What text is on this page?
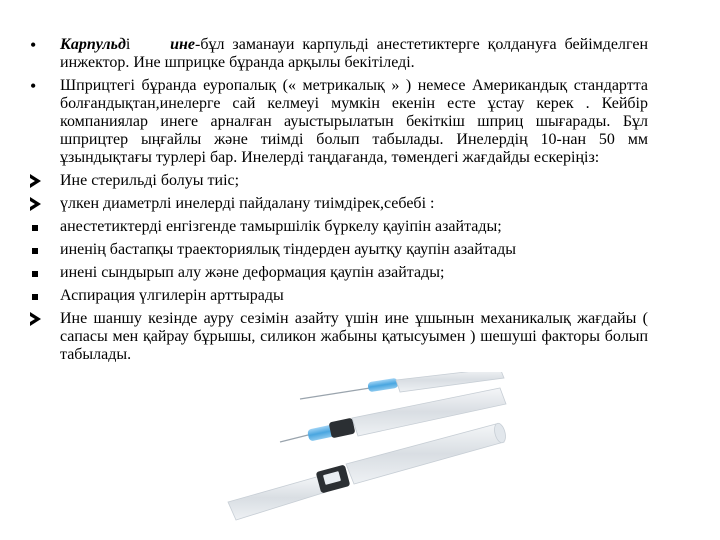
•	Карпульді ине-бұл заманауи карпульді анестетиктерге қолдануға бейімделген инжектор. Ине шприцке бұранда арқылы бекітіледі.
•	Шприцтегі бұранда еуропалық (« метрикалық » ) немесе Американдық стандартта болғандықтан,инелерге сай келмеуі мумкін екенін есте ұстау керек . Кейбір компаниялар инеге арналған ауыстырылатын бекіткіш шприц шығарады. Бұл шприцтер ыңғайлы және тиімді болып табылады. Инелердің 10-нан 50 мм ұзындықтағы турлері бар. Инелерді таңдағанда, төмендегі жағдайды ескеріңіз:
Ине стерильді болуы тиіс;
үлкен диаметрлі инелерді пайдалану тиімдірек,себебі :
анестетиктерді енгізгенде тамыршілік бүркелу қауіпін азайтады;
иненің бастапқы траекториялық тіндерден ауытқу қаупін азайтады
инені сындырып алу және деформация қаупін азайтады;
Аспирация үлгилерін арттырады
Ине шаншу кезінде ауру сезімін азайту үшін ине ұшынын механикалық жағдайы ( сапасы мен қайрау бұрышы, силикон жабыны қатысуымен ) шешуші факторы болып табылады.
